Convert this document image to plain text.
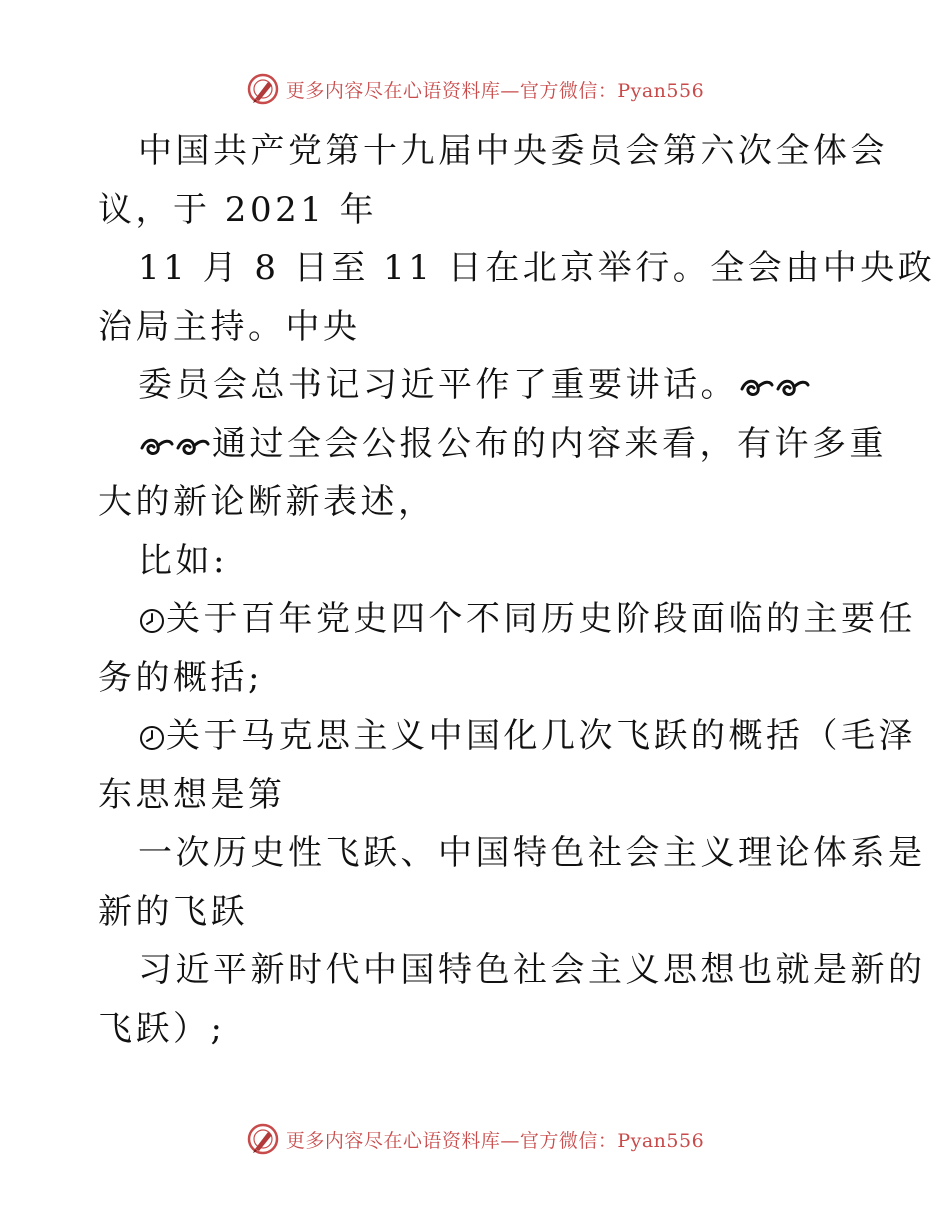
更多内容尽在心语资料库—官方微信：Pyan556

中国共产党第十九届中央委员会第六次全体会
议，于 2021 年

11 月 8 日至 11 日在北京举行。全会由中央政
治局主持。中央

委员会总书记习近平作了重要讲话。

通过全会公报公布的内容来看，有许多重
大的新论断新表述，

比如:

关于百年党史四个不同历史阶段面临的主要任
务的概括;

关于马克思主义中国化几次飞跃的概括（毛泽
东思想是第

一次历史性飞跃、中国特色社会主义理论体系是
新的飞跃

习近平新时代中国特色社会主义思想也就是新的
飞跃）;

更多内容尽在心语资料库—官方微信：Pyan556
